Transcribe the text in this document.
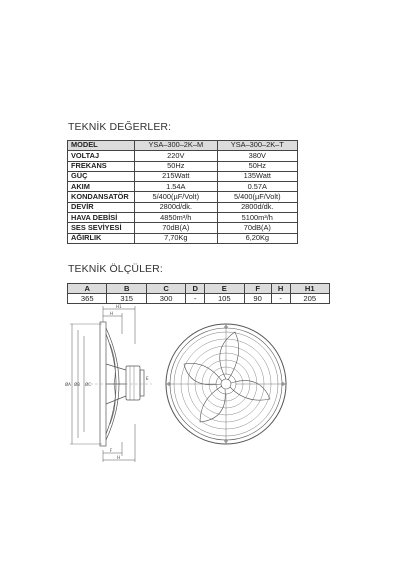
TEKNİK DEĞERLER:
MODEL	YSA–300–2K–M	YSA–300–2K–T
VOLTAJ	220V	380V
FREKANS	50Hz	50Hz
GÜÇ	215Watt	135Watt
AKIM	1.54A	0.57A
KONDANSATÖR	5/400(µF/Volt)	5/400(µF/Volt)
DEVİR	2800d/dk.	2800d/dk.
HAVA DEBİSİ	4850m³/h	5100m³/h
SES SEVİYESİ	70dB(A)	70dB(A)
AĞIRLIK	7,70Kg	6,20Kg
TEKNİK ÖLÇÜLER:
A	B	C	D	E	F	H	H1
365	315	300	-	105	90	-	205
ØA ØB ØC
H1
H
E
F
H
